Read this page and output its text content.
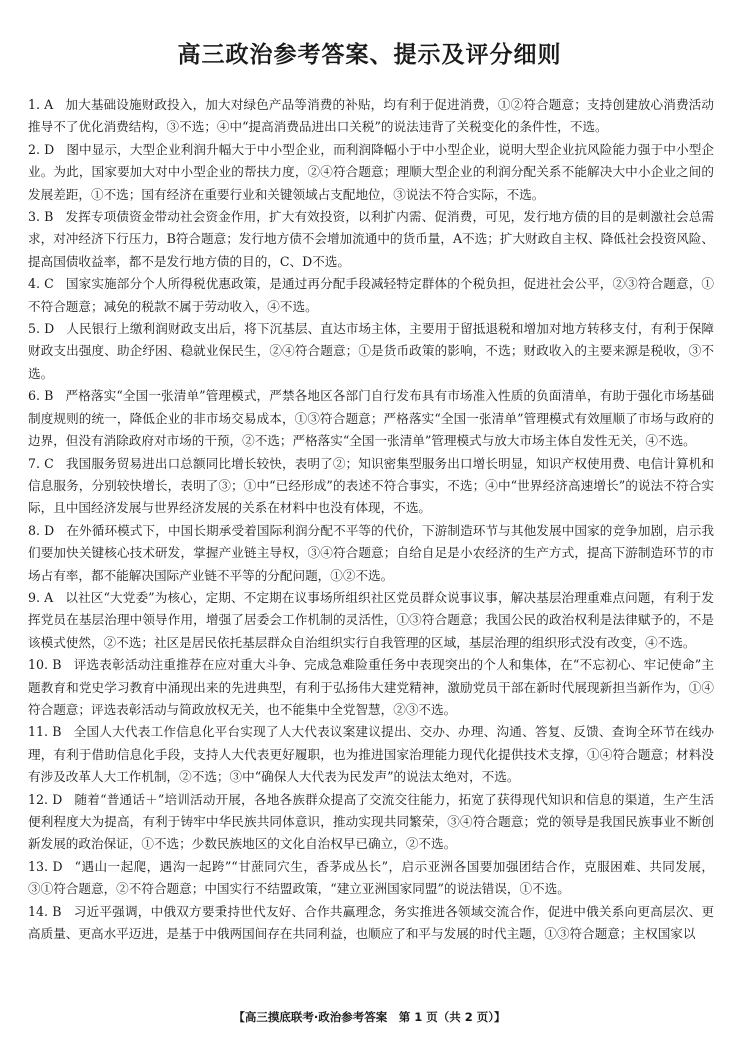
高三政治参考答案、提示及评分细则
1. A 加大基础设施财政投入，加大对绿色产品等消费的补贴，均有利于促进消费，①②符合题意；支持创建放心消费活动推导不了优化消费结构，③不选；④中“提高消费品进出口关税”的说法违背了关税变化的条件性，不选。
2. D 图中显示，大型企业利润升幅大于中小型企业，而利润降幅小于中小型企业，说明大型企业抗风险能力强于中小型企业。为此，国家要加大对中小型企业的帮扶力度，②④符合题意；理顺大型企业的利润分配关系不能解决大中小企业之间的发展差距，①不选；国有经济在重要行业和关键领域占支配地位，③说法不符合实际，不选。
3. B 发挥专项债资金带动社会资金作用，扩大有效投资，以利扩内需、促消费，可见，发行地方债的目的是刺激社会总需求，对冲经济下行压力，B符合题意；发行地方债不会增加流通中的货币量，A不选；扩大财政自主权、降低社会投资风险、提高国债收益率，都不是发行地方债的目的，C、D不选。
4. C 国家实施部分个人所得税优惠政策，是通过再分配手段减轻特定群体的个税负担，促进社会公平，②③符合题意，①不符合题意；减免的税款不属于劳动收入，④不选。
5. D 人民银行上缴利润财政支出后，将下沉基层、直达市场主体，主要用于留抵退税和增加对地方转移支付，有利于保障财政支出强度、助企纾困、稳就业保民生，②④符合题意；①是货币政策的影响，不选；财政收入的主要来源是税收，③不选。
6. B 严格落实“全国一张清单”管理模式，严禁各地区各部门自行发布具有市场准入性质的负面清单，有助于强化市场基础制度规则的统一，降低企业的非市场交易成本，①③符合题意；严格落实“全国一张清单”管理模式有效厘顺了市场与政府的边界，但没有消除政府对市场的干预，②不选；严格落实“全国一张清单”管理模式与放大市场主体自发性无关，④不选。
7. C 我国服务贸易进出口总额同比增长较快，表明了②；知识密集型服务出口增长明显，知识产权使用费、电信计算机和信息服务，分别较快增长，表明了③；①中“已经形成”的表述不符合事实，不选；④中“世界经济高速增长”的说法不符合实际，且中国经济发展与世界经济发展的关系在材料中也没有体现，不选。
8. D 在外循环模式下，中国长期承受着国际利润分配不平等的代价，下游制造环节与其他发展中国家的竞争加剧，启示我们要加快关键核心技术研发，掌握产业链主导权，③④符合题意；自给自足是小农经济的生产方式，提高下游制造环节的市场占有率，都不能解决国际产业链不平等的分配问题，①②不选。
9. A 以社区“大党委”为核心，定期、不定期在议事场所组织社区党员群众说事议事，解决基层治理重难点问题，有利于发挥党员在基层治理中领导作用，增强了居委会工作机制的灵活性，①③符合题意；我国公民的政治权利是法律赋予的，不是该模式使然，②不选；社区是居民依托基层群众自治组织实行自我管理的区域，基层治理的组织形式没有改变，④不选。
10. B 评选表彰活动注重推荐在应对重大斗争、完成急难险重任务中表现突出的个人和集体，在“不忘初心、牢记使命”主题教育和党史学习教育中涌现出来的先进典型，有利于弘扬伟大建党精神，激励党员干部在新时代展现新担当新作为，①④符合题意；评选表彰活动与简政放权无关，也不能集中全党智慧，②③不选。
11. B 全国人大代表工作信息化平台实现了人大代表议案建议提出、交办、办理、沟通、答复、反馈、查询全环节在线办理，有利于借助信息化手段，支持人大代表更好履职，也为推进国家治理能力现代化提供技术支撑，①④符合题意；材料没有涉及改革人大工作机制，②不选；③中“确保人大代表为民发声”的说法太绝对，不选。
12. D 随着“普通话＋”培训活动开展，各地各族群众提高了交流交往能力，拓宽了获得现代知识和信息的渠道，生产生活便利程度大为提高，有利于铸牢中华民族共同体意识，推动实现共同繁荣，③④符合题意；党的领导是我国民族事业不断创新发展的政治保证，①不选；少数民族地区的文化自治权早已确立，②不选。
13. D “遇山一起爬，遇沟一起跨”“甘蔗同穴生，香茅成丛长”，启示亚洲各国要加强团结合作，克服困难、共同发展，③①符合题意，②不符合题意；中国实行不结盟政策，“建立亚洲国家同盟”的说法错误，①不选。
14. B 习近平强调，中俄双方要秉持世代友好、合作共赢理念，务实推进各领域交流合作，促进中俄关系向更高层次、更高质量、更高水平迈进，是基于中俄两国间存在共同利益，也顺应了和平与发展的时代主题，①③符合题意；主权国家以
【高三摸底联考·政治参考答案　第 1 页（共 2 页）】
